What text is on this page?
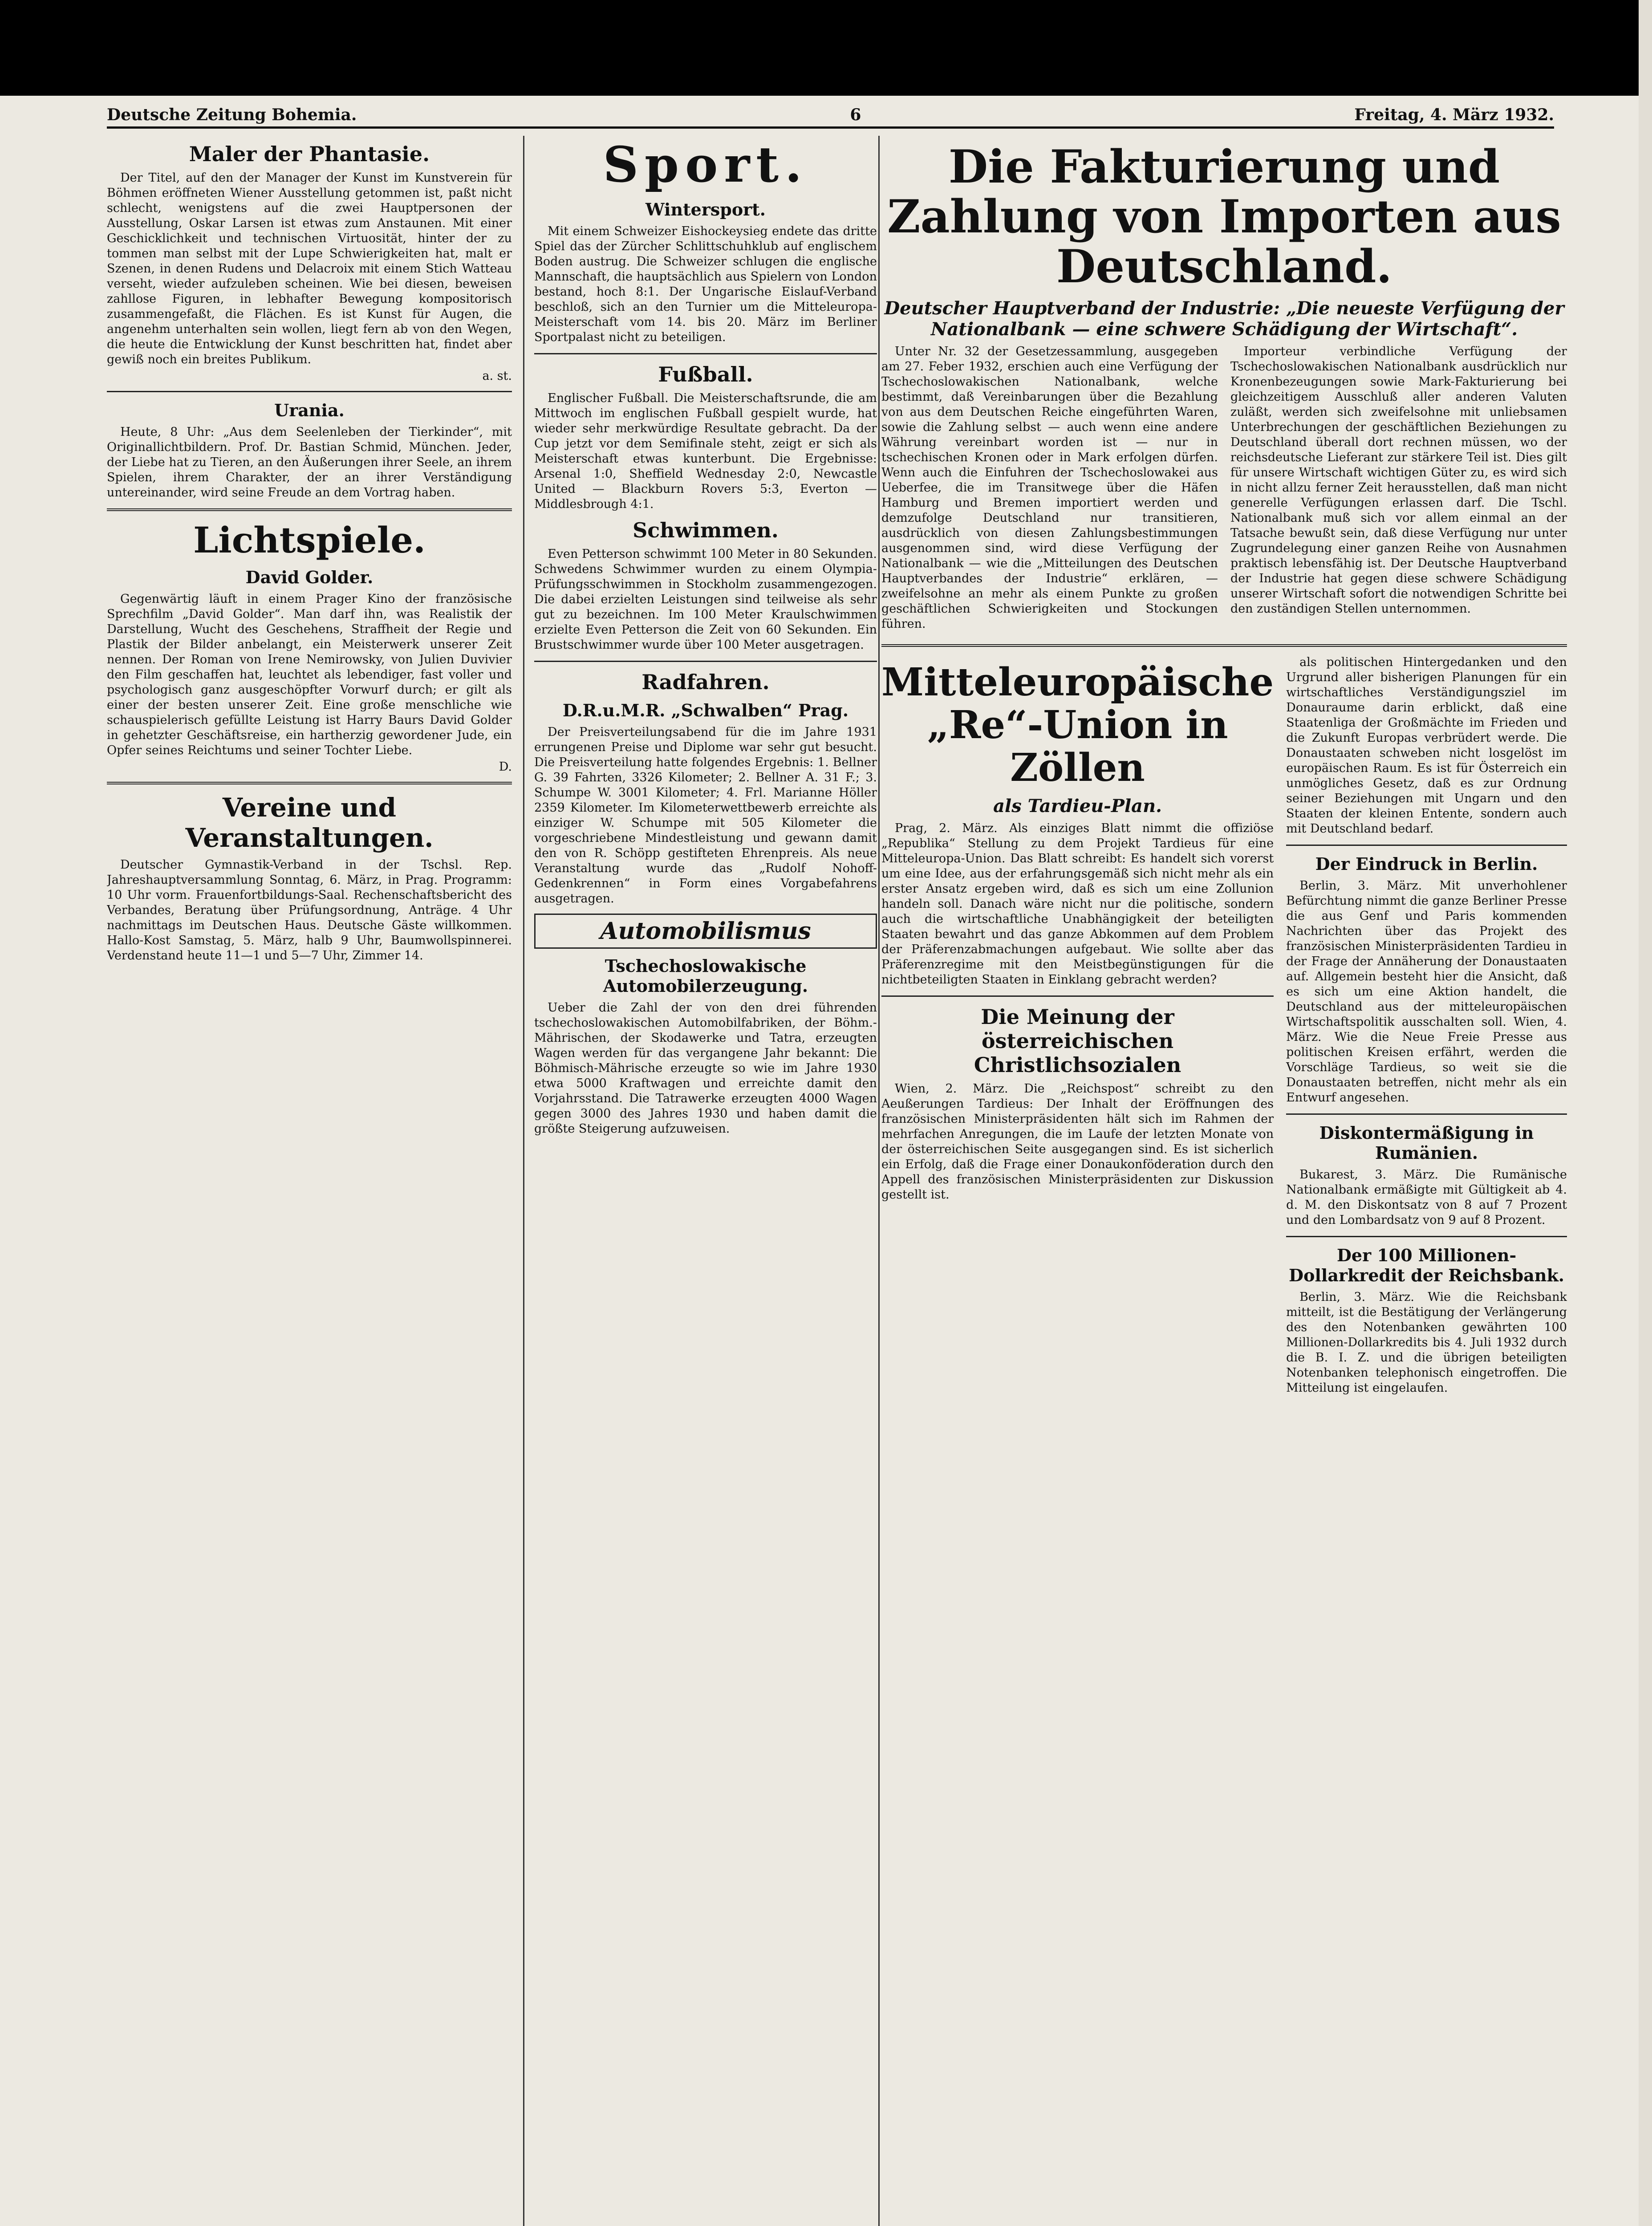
Deutsche Zeitung Bohemia.	6	Freitag, 4. März 1932.
Maler der Phantasie.

Der Titel, auf den der Manager der Kunst im Kunstverein für Böhmen eröffneten Wiener Ausstellung getommen ist, paßt nicht schlecht, wenigstens auf die zwei Hauptpersonen der Ausstellung, Oskar Larsen ist etwas zum Anstaunen. Mit einer Geschicklichkeit und technischen Virtuosität, hinter der zu tommen man selbst mit der Lupe Schwierigkeiten hat, malt er Szenen, in denen Rudens und Delacroix mit einem Stich Watteau verseht, wieder aufzuleben scheinen. Wie bei diesen, beweisen zahllose Figuren, in lebhafter Bewegung kompositorisch zusammengefaßt, die Flächen. Es ist Kunst für Augen, die angenehm unterhalten sein wollen, liegt fern ab von den Wegen, die heute die Entwicklung der Kunst beschritten hat, findet aber gewiß noch ein breites Publikum.

a. st.
Urania.

Heute, 8 Uhr: „Aus dem Seelenleben der Tierkinder“, mit Originallichtbildern. Prof. Dr. Bastian Schmid, München. Jeder, der Liebe hat zu Tieren, an den Äußerungen ihrer Seele, an ihrem Spielen, ihrem Charakter, der an ihrer Verständigung untereinander, wird seine Freude an dem Vortrag haben.

Lichtspiele.
David Golder.

Gegenwärtig läuft in einem Prager Kino der französische Sprechfilm „David Golder“. Man darf ihn, was Realistik der Darstellung, Wucht des Geschehens, Straffheit der Regie und Plastik der Bilder anbelangt, ein Meisterwerk unserer Zeit nennen. Der Roman von Irene Nemirowsky, von Julien Duvivier den Film geschaffen hat, leuchtet als lebendiger, fast voller und psychologisch ganz ausgeschöpfter Vorwurf durch; er gilt als einer der besten unserer Zeit. Eine große menschliche wie schauspielerisch gefüllte Leistung ist Harry Baurs David Golder in gehetzter Geschäftsreise, ein hartherzig gewordener Jude, ein Opfer seines Reichtums und seiner Tochter Liebe.

D.
Vereine und Veranstaltungen.

Deutscher Gymnastik-Verband in der Tschsl. Rep. Jahreshauptversammlung Sonntag, 6. März, in Prag. Programm: 10 Uhr vorm. Frauenfortbildungs-Saal. Rechenschaftsbericht des Verbandes, Beratung über Prüfungsordnung, Anträge. 4 Uhr nachmittags im Deutschen Haus. Deutsche Gäste willkommen. Hallo-Kost Samstag, 5. März, halb 9 Uhr, Baumwollspinnerei. Verdenstand heute 11—1 und 5—7 Uhr, Zimmer 14.

Sport.
Wintersport.

Mit einem Schweizer Eishockeysieg endete das dritte Spiel das der Zürcher Schlittschuhklub auf englischem Boden austrug. Die Schweizer schlugen die englische Mannschaft, die hauptsächlich aus Spielern von London bestand, hoch 8:1. Der Ungarische Eislauf-Verband beschloß, sich an den Turnier um die Mitteleuropa-Meisterschaft vom 14. bis 20. März im Berliner Sportpalast nicht zu beteiligen.

Fußball.

Englischer Fußball. Die Meisterschaftsrunde, die am Mittwoch im englischen Fußball gespielt wurde, hat wieder sehr merkwürdige Resultate gebracht. Da der Cup jetzt vor dem Semifinale steht, zeigt er sich als Meisterschaft etwas kunterbunt. Die Ergebnisse: Arsenal 1:0, Sheffield Wednesday 2:0, Newcastle United — Blackburn Rovers 5:3, Everton — Middlesbrough 4:1.

Schwimmen.

Even Petterson schwimmt 100 Meter in 80 Sekunden. Schwedens Schwimmer wurden zu einem Olympia-Prüfungsschwimmen in Stockholm zusammengezogen. Die dabei erzielten Leistungen sind teilweise als sehr gut zu bezeichnen. Im 100 Meter Kraulschwimmen erzielte Even Petterson die Zeit von 60 Sekunden. Ein Brustschwimmer wurde über 100 Meter ausgetragen.

Radfahren.
D.R.u.M.R. „Schwalben“ Prag.

Der Preisverteilungsabend für die im Jahre 1931 errungenen Preise und Diplome war sehr gut besucht. Die Preisverteilung hatte folgendes Ergebnis: 1. Bellner G. 39 Fahrten, 3326 Kilometer; 2. Bellner A. 31 F.; 3. Schumpe W. 3001 Kilometer; 4. Frl. Marianne Höller 2359 Kilometer. Im Kilometerwettbewerb erreichte als einziger W. Schumpe mit 505 Kilometer die vorgeschriebene Mindestleistung und gewann damit den von R. Schöpp gestifteten Ehrenpreis. Als neue Veranstaltung wurde das „Rudolf Nohoff-Gedenkrennen“ in Form eines Vorgabefahrens ausgetragen.

Automobilismus
Tschechoslowakische Automobilerzeugung.

Ueber die Zahl der von den drei führenden tschechoslowakischen Automobilfabriken, der Böhm.-Mährischen, der Skodawerke und Tatra, erzeugten Wagen werden für das vergangene Jahr bekannt: Die Böhmisch-Mährische erzeugte so wie im Jahre 1930 etwa 5000 Kraftwagen und erreichte damit den Vorjahrsstand. Die Tatrawerke erzeugten 4000 Wagen gegen 3000 des Jahres 1930 und haben damit die größte Steigerung aufzuweisen.

Die Fakturierung und Zahlung von Importen aus Deutschland.
Deutscher Hauptverband der Industrie: „Die neueste Verfügung der Nationalbank — eine schwere Schädigung der Wirtschaft“.

Unter Nr. 32 der Gesetzessammlung, ausgegeben am 27. Feber 1932, erschien auch eine Verfügung der Tschechoslowakischen Nationalbank, welche bestimmt, daß Vereinbarungen über die Bezahlung von aus dem Deutschen Reiche eingeführten Waren, sowie die Zahlung selbst — auch wenn eine andere Währung vereinbart worden ist — nur in tschechischen Kronen oder in Mark erfolgen dürfen. Wenn auch die Einfuhren der Tschechoslowakei aus Ueberfee, die im Transitwege über die Häfen Hamburg und Bremen importiert werden und demzufolge Deutschland nur transitieren, ausdrücklich von diesen Zahlungsbestimmungen ausgenommen sind, wird diese Verfügung der Nationalbank — wie die „Mitteilungen des Deutschen Hauptverbandes der Industrie“ erklären, — zweifelsohne an mehr als einem Punkte zu großen geschäftlichen Schwierigkeiten und Stockungen führen.

Importeur verbindliche Verfügung der Tschechoslowakischen Nationalbank ausdrücklich nur Kronenbezeugungen sowie Mark-Fakturierung bei gleichzeitigem Ausschluß aller anderen Valuten zuläßt, werden sich zweifelsohne mit unliebsamen Unterbrechungen der geschäftlichen Beziehungen zu Deutschland überall dort rechnen müssen, wo der reichsdeutsche Lieferant zur stärkere Teil ist. Dies gilt für unsere Wirtschaft wichtigen Güter zu, es wird sich in nicht allzu ferner Zeit herausstellen, daß man nicht generelle Verfügungen erlassen darf. Die Tschl. Nationalbank muß sich vor allem einmal an der Tatsache bewußt sein, daß diese Verfügung nur unter Zugrundelegung einer ganzen Reihe von Ausnahmen praktisch lebensfähig ist. Der Deutsche Hauptverband der Industrie hat gegen diese schwere Schädigung unserer Wirtschaft sofort die notwendigen Schritte bei den zuständigen Stellen unternommen.

Mitteleuropäische „Re“-Union in Zöllen
als Tardieu-Plan.

Prag, 2. März. Als einziges Blatt nimmt die offiziöse „Republika“ Stellung zu dem Projekt Tardieus für eine Mitteleuropa-Union. Das Blatt schreibt: Es handelt sich vorerst um eine Idee, aus der erfahrungsgemäß sich nicht mehr als ein erster Ansatz ergeben wird, daß es sich um eine Zollunion handeln soll. Danach wäre nicht nur die politische, sondern auch die wirtschaftliche Unabhängigkeit der beteiligten Staaten bewahrt und das ganze Abkommen auf dem Problem der Präferenzabmachungen aufgebaut. Wie sollte aber das Präferenzregime mit den Meistbegünstigungen für die nichtbeteiligten Staaten in Einklang gebracht werden?

Die Meinung der österreichischen Christlichsozialen

Wien, 2. März. Die „Reichspost“ schreibt zu den Aeußerungen Tardieus: Der Inhalt der Eröffnungen des französischen Ministerpräsidenten hält sich im Rahmen der mehrfachen Anregungen, die im Laufe der letzten Monate von der österreichischen Seite ausgegangen sind. Es ist sicherlich ein Erfolg, daß die Frage einer Donaukonföderation durch den Appell des französischen Ministerpräsidenten zur Diskussion gestellt ist.

als politischen Hintergedanken und den Urgrund aller bisherigen Planungen für ein wirtschaftliches Verständigungsziel im Donauraume darin erblickt, daß eine Staatenliga der Großmächte im Frieden und die Zukunft Europas verbrüdert werde. Die Donaustaaten schweben nicht losgelöst im europäischen Raum. Es ist für Österreich ein unmögliches Gesetz, daß es zur Ordnung seiner Beziehungen mit Ungarn und den Staaten der kleinen Entente, sondern auch mit Deutschland bedarf.

Der Eindruck in Berlin.

Berlin, 3. März. Mit unverhohlener Befürchtung nimmt die ganze Berliner Presse die aus Genf und Paris kommenden Nachrichten über das Projekt des französischen Ministerpräsidenten Tardieu in der Frage der Annäherung der Donaustaaten auf. Allgemein besteht hier die Ansicht, daß es sich um eine Aktion handelt, die Deutschland aus der mitteleuropäischen Wirtschaftspolitik ausschalten soll. Wien, 4. März. Wie die Neue Freie Presse aus politischen Kreisen erfährt, werden die Vorschläge Tardieus, so weit sie die Donaustaaten betreffen, nicht mehr als ein Entwurf angesehen.

Diskontermäßigung in Rumänien.

Bukarest, 3. März. Die Rumänische Nationalbank ermäßigte mit Gültigkeit ab 4. d. M. den Diskontsatz von 8 auf 7 Prozent und den Lombardsatz von 9 auf 8 Prozent.

Der 100 Millionen-Dollarkredit der Reichsbank.

Berlin, 3. März. Wie die Reichsbank mitteilt, ist die Bestätigung der Verlängerung des den Notenbanken gewährten 100 Millionen-Dollarkredits bis 4. Juli 1932 durch die B. I. Z. und die übrigen beteiligten Notenbanken telephonisch eingetroffen. Die Mitteilung ist eingelaufen.
